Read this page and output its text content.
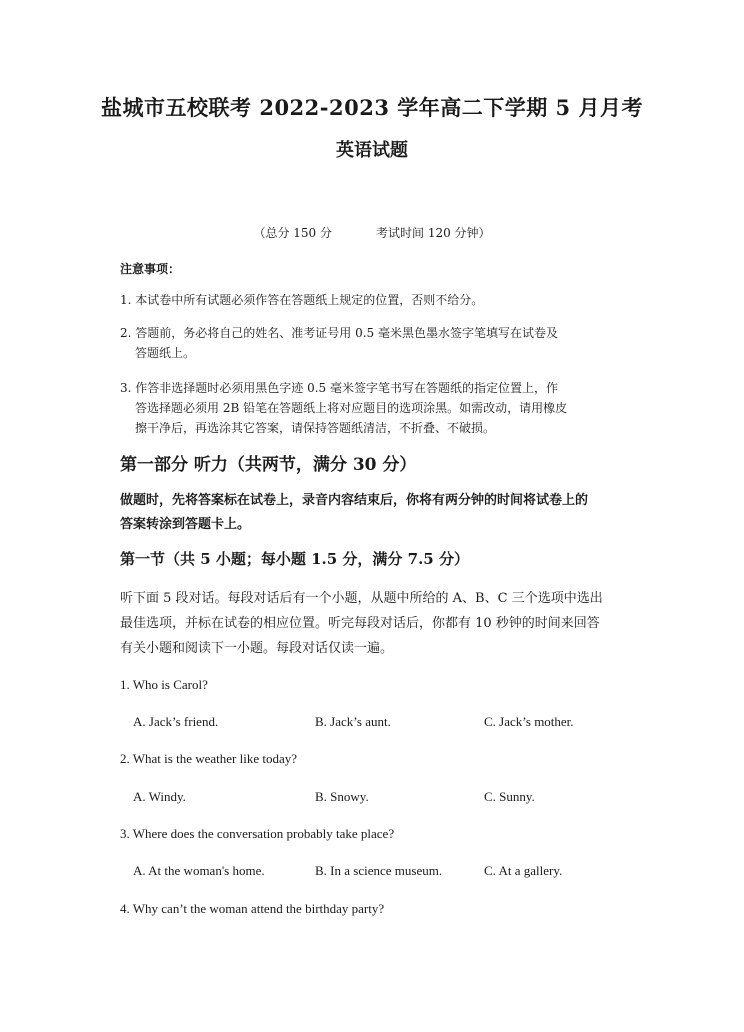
盐城市五校联考 2022-2023 学年高二下学期 5 月月考
英语试题
（总分 150 分	考试时间 120 分钟）
注意事项：
1. 本试卷中所有试题必须作答在答题纸上规定的位置，否则不给分。
2. 答题前，务必将自己的姓名、准考证号用 0.5 毫米黑色墨水签字笔填写在试卷及
答题纸上。
3. 作答非选择题时必须用黑色字迹 0.5 毫米签字笔书写在答题纸的指定位置上，作
答选择题必须用 2B 铅笔在答题纸上将对应题目的选项涂黑。如需改动，请用橡皮
擦干净后，再选涂其它答案，请保持答题纸清洁，不折叠、不破损。
第一部分 听力（共两节，满分 30 分）
做题时，先将答案标在试卷上，录音内容结束后，你将有两分钟的时间将试卷上的
答案转涂到答题卡上。
第一节（共 5 小题；每小题 1.5 分，满分 7.5 分）
听下面 5 段对话。每段对话后有一个小题，从题中所给的 A、B、C 三个选项中选出
最佳选项，并标在试卷的相应位置。听完每段对话后，你都有 10 秒钟的时间来回答
有关小题和阅读下一小题。每段对话仅读一遍。
1. Who is Carol?
A. Jack’s friend.	B. Jack’s aunt.	C. Jack’s mother.
2. What is the weather like today?
A. Windy.	B. Snowy.	C. Sunny.
3. Where does the conversation probably take place?
A. At the woman's home.	B. In a science museum.	C. At a gallery.
4. Why can’t the woman attend the birthday party?
